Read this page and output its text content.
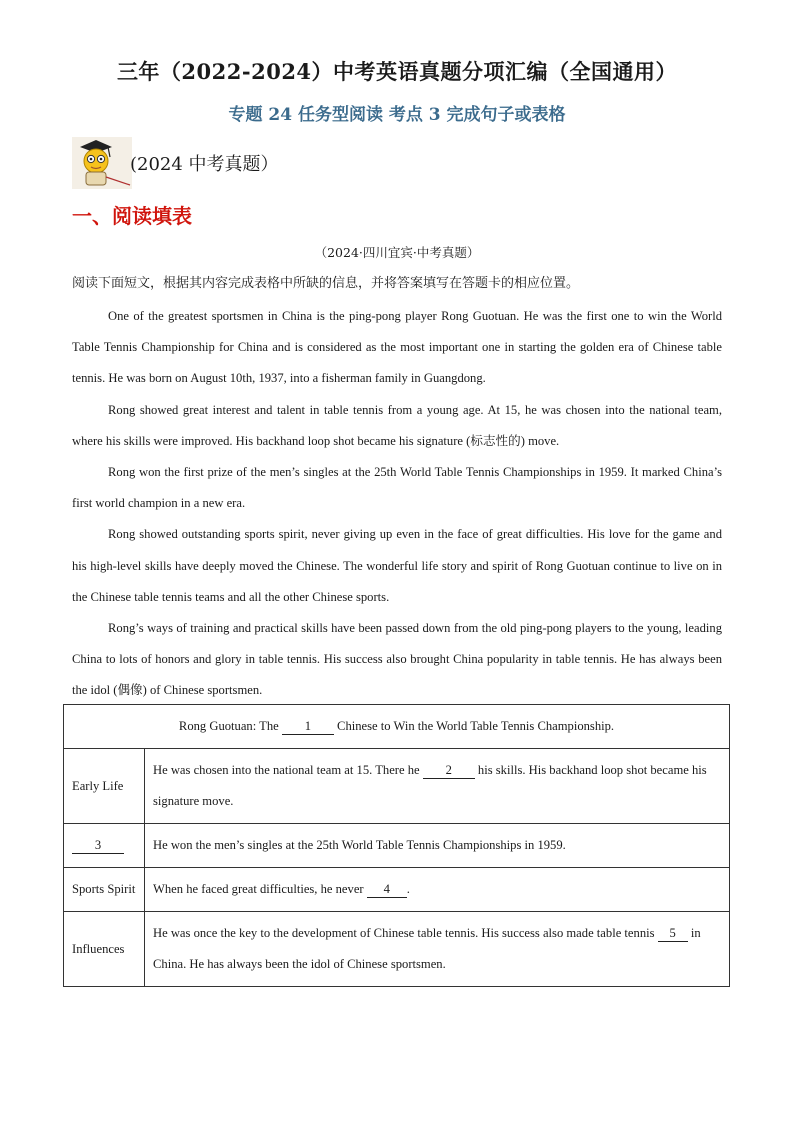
三年（2022-2024）中考英语真题分项汇编（全国通用）
专题 24 任务型阅读 考点 3 完成句子或表格
(2024 中考真题）
一、阅读填表
（2024·四川宜宾·中考真题）
阅读下面短文，根据其内容完成表格中所缺的信息，并将答案填写在答题卡的相应位置。

One of the greatest sportsmen in China is the ping-pong player Rong Guotuan. He was the first one to win the World Table Tennis Championship for China and is considered as the most important one in starting the golden era of Chinese table tennis. He was born on August 10th, 1937, into a fisherman family in Guangdong.

Rong showed great interest and talent in table tennis from a young age. At 15, he was chosen into the national team, where his skills were improved. His backhand loop shot became his signature (标志性的) move.

Rong won the first prize of the men’s singles at the 25th World Table Tennis Championships in 1959. It marked China’s first world champion in a new era.

Rong showed outstanding sports spirit, never giving up even in the face of great difficulties. His love for the game and his high-level skills have deeply moved the Chinese. The wonderful life story and spirit of Rong Guotuan continue to live on in the Chinese table tennis teams and all the other Chinese sports.

Rong’s ways of training and practical skills have been passed down from the old ping-pong players to the young, leading China to lots of honors and glory in table tennis. His success also brought China popularity in table tennis. He has always been the idol (偶像) of Chinese sportsmen.

Rong Guotuan: The 1 Chinese to Win the World Table Tennis Championship.	
Early Life	He was chosen into the national team at 15. There he 2 his skills. His backhand loop shot became his signature move.
3	He won the men’s singles at the 25th World Table Tennis Championships in 1959.
Sports Spirit	When he faced great difficulties, he never 4 .
Influences	He was once the key to the development of Chinese table tennis. His success also made table tennis 5 in China. He has always been the idol of Chinese sportsmen.
